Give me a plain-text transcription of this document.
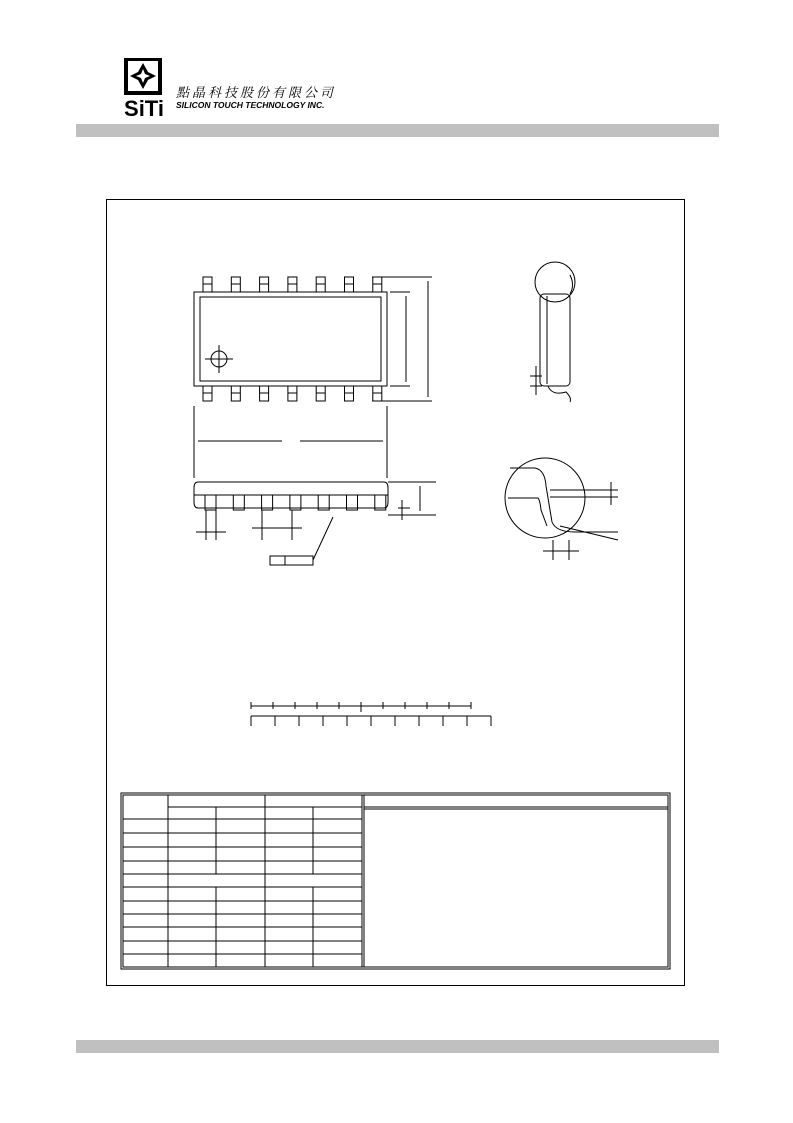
SiTi
點晶科技股份有限公司
SILICON TOUCH TECHNOLOGY INC.
